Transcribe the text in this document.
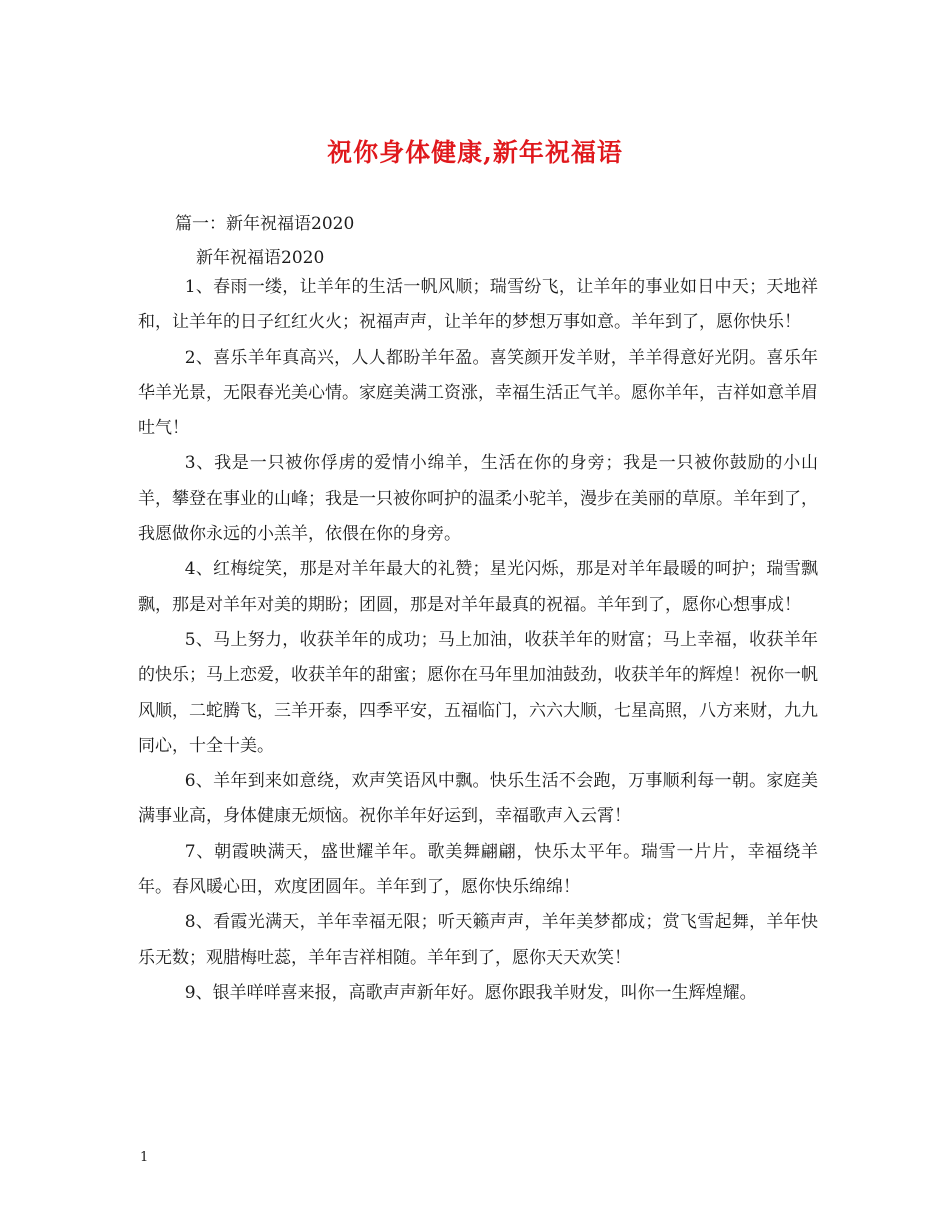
祝你身体健康,新年祝福语

篇一：新年祝福语2020

新年祝福语2020

1、春雨一缕，让羊年的生活一帆风顺；瑞雪纷飞，让羊年的事业如日中天；天地祥和，让羊年的日子红红火火；祝福声声，让羊年的梦想万事如意。羊年到了，愿你快乐！

2、喜乐羊年真高兴，人人都盼羊年盈。喜笑颜开发羊财，羊羊得意好光阴。喜乐年华羊光景，无限春光美心情。家庭美满工资涨，幸福生活正气羊。愿你羊年，吉祥如意羊眉吐气！

3、我是一只被你俘虏的爱情小绵羊，生活在你的身旁；我是一只被你鼓励的小山羊，攀登在事业的山峰；我是一只被你呵护的温柔小驼羊，漫步在美丽的草原。羊年到了，我愿做你永远的小羔羊，依偎在你的身旁。

4、红梅绽笑，那是对羊年最大的礼赞；星光闪烁，那是对羊年最暖的呵护；瑞雪飘飘，那是对羊年对美的期盼；团圆，那是对羊年最真的祝福。羊年到了，愿你心想事成！

5、马上努力，收获羊年的成功；马上加油，收获羊年的财富；马上幸福，收获羊年的快乐；马上恋爱，收获羊年的甜蜜；愿你在马年里加油鼓劲，收获羊年的辉煌！祝你一帆风顺，二蛇腾飞，三羊开泰，四季平安，五福临门，六六大顺，七星高照，八方来财，九九同心，十全十美。

6、羊年到来如意绕，欢声笑语风中飘。快乐生活不会跑，万事顺利每一朝。家庭美满事业高，身体健康无烦恼。祝你羊年好运到，幸福歌声入云霄！

7、朝霞映满天，盛世耀羊年。歌美舞翩翩，快乐太平年。瑞雪一片片，幸福绕羊年。春风暖心田，欢度团圆年。羊年到了，愿你快乐绵绵！

8、看霞光满天，羊年幸福无限；听天籁声声，羊年美梦都成；赏飞雪起舞，羊年快乐无数；观腊梅吐蕊，羊年吉祥相随。羊年到了，愿你天天欢笑！

9、银羊咩咩喜来报，高歌声声新年好。愿你跟我羊财发，叫你一生辉煌耀。

1
